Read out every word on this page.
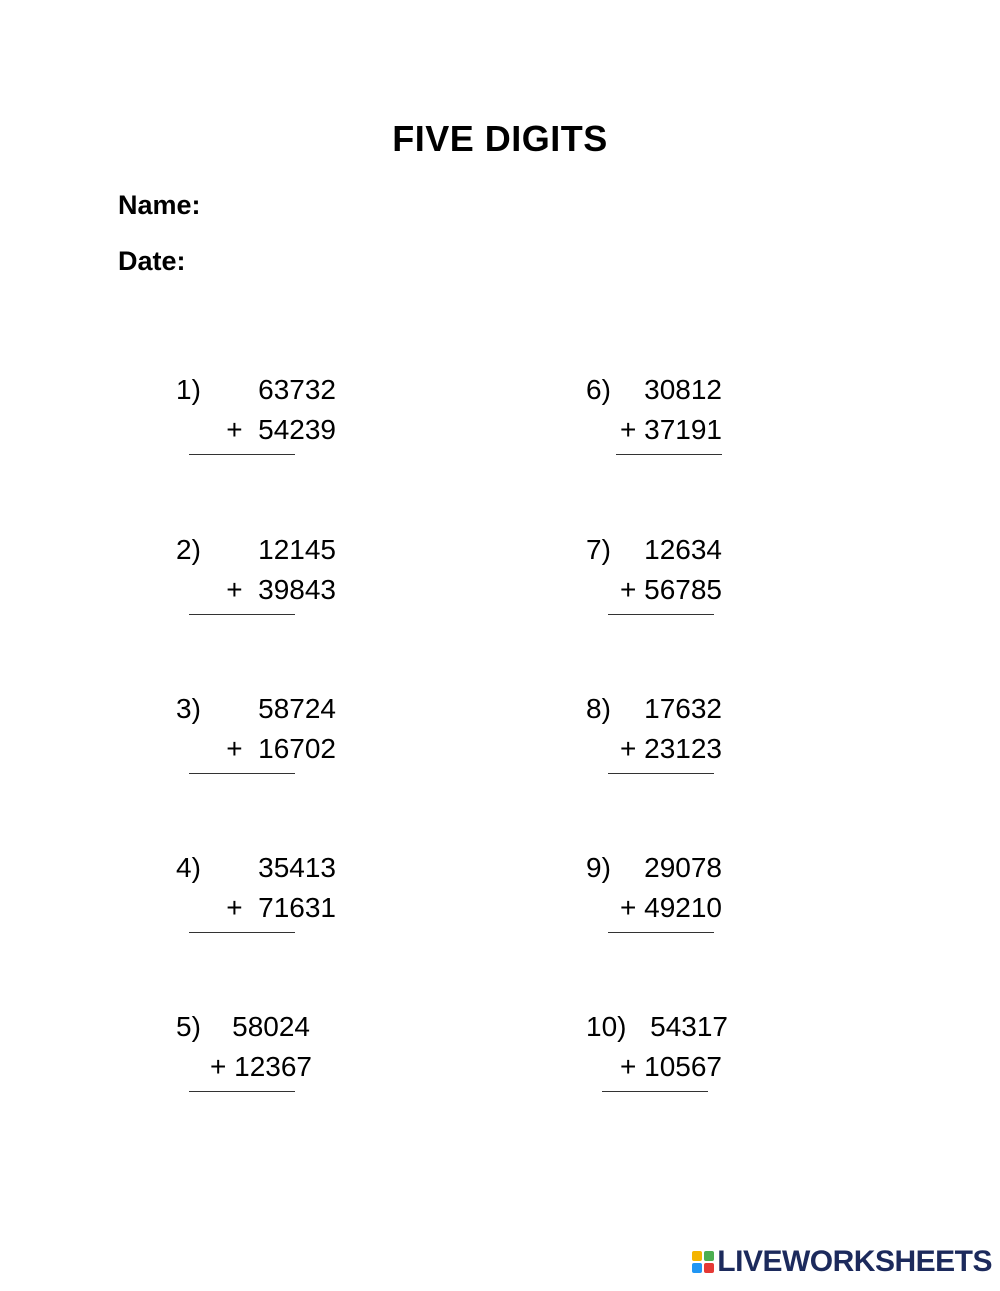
FIVE DIGITS
Name:
Date:
1) 63732
+  54239
2) 12145
+  39843
3) 58724
+  16702
4) 35413
+  71631
5) 58024
+ 12367
6) 30812
+ 37191
7) 12634
+ 56785
8) 17632
+ 23123
9) 29078
+ 49210
10) 54317
+ 10567
LIVEWORKSHEETS
